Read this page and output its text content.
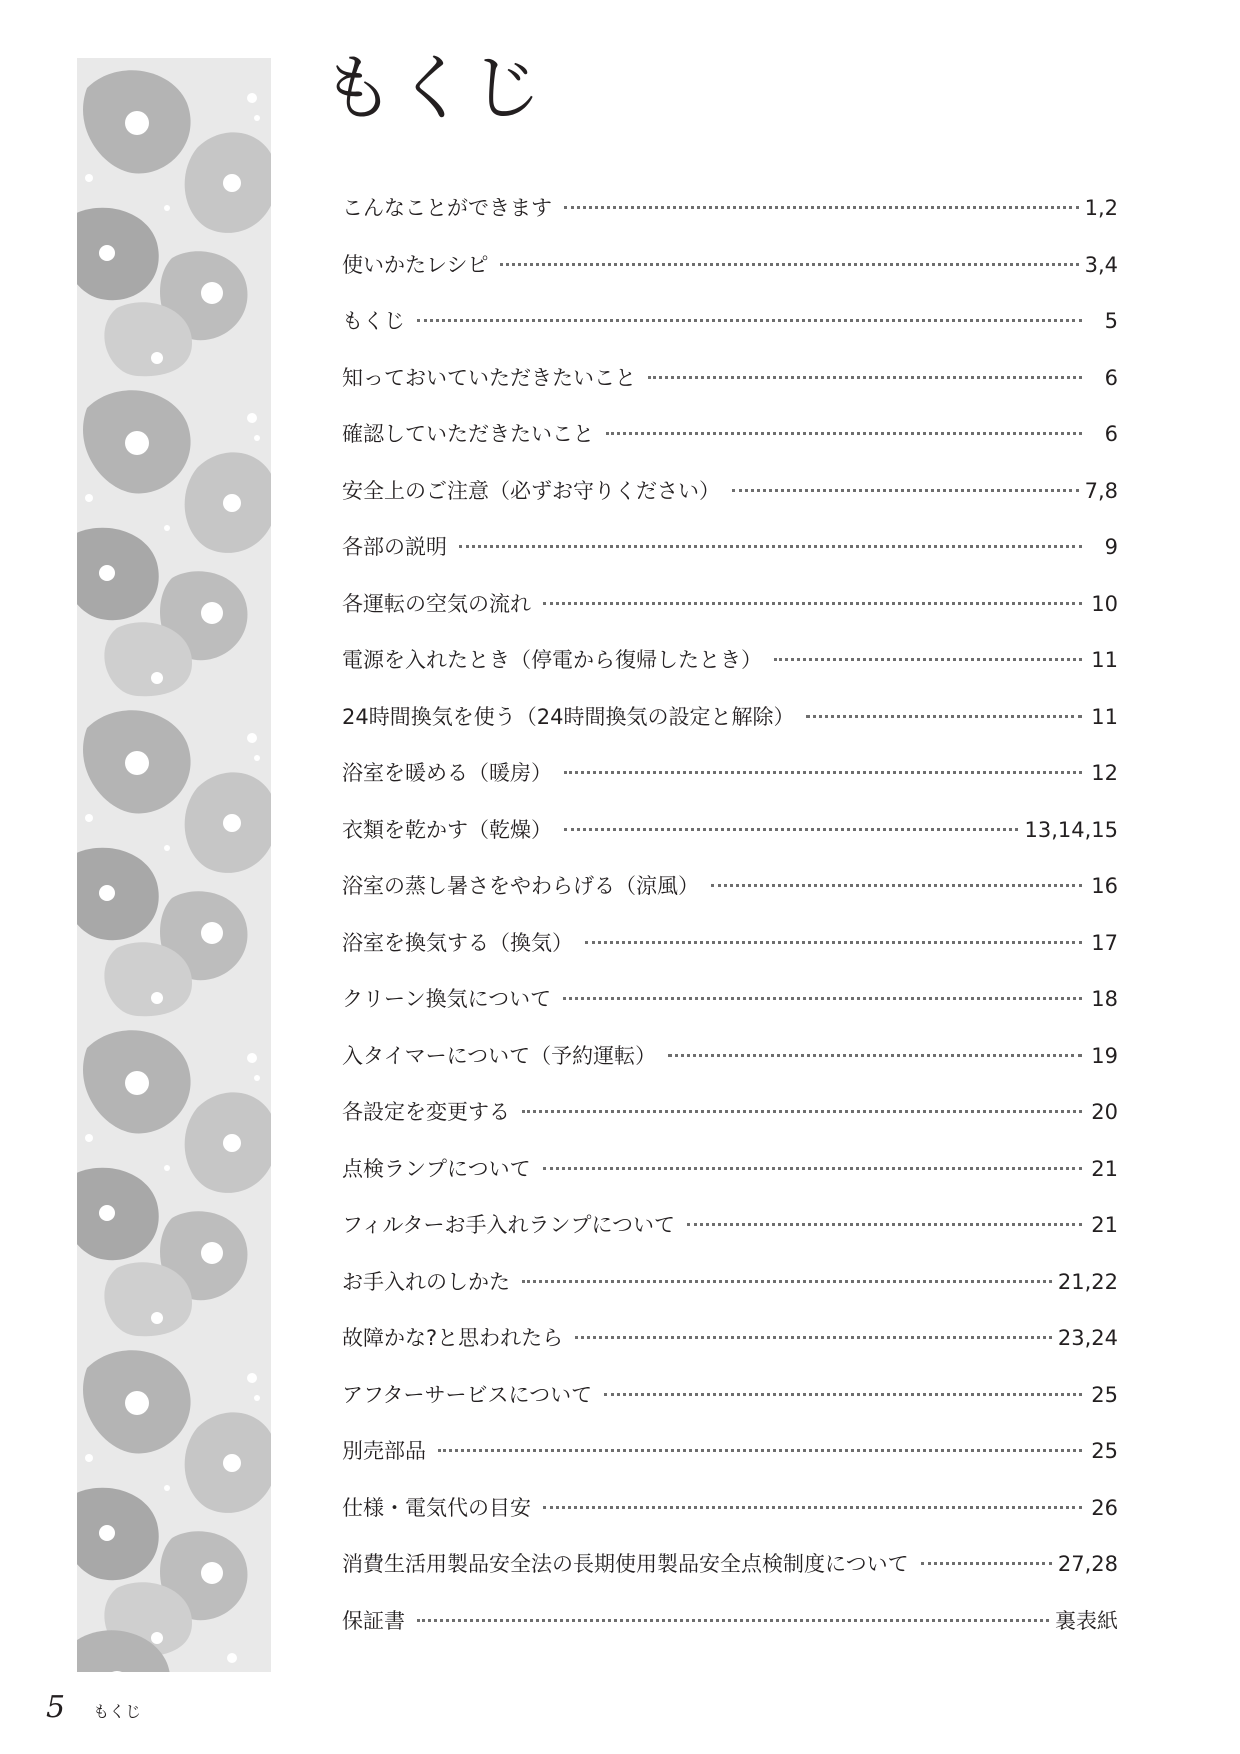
もくじ
こんなことができます	1,2
使いかたレシピ	3,4
もくじ	5
知っておいていただきたいこと	6
確認していただきたいこと	6
安全上のご注意（必ずお守りください）	7,8
各部の説明	9
各運転の空気の流れ	10
電源を入れたとき（停電から復帰したとき）	11
24時間換気を使う（24時間換気の設定と解除）	11
浴室を暖める（暖房）	12
衣類を乾かす（乾燥）	13,14,15
浴室の蒸し暑さをやわらげる（涼風）	16
浴室を換気する（換気）	17
クリーン換気について	18
入タイマーについて（予約運転）	19
各設定を変更する	20
点検ランプについて	21
フィルターお手入れランプについて	21
お手入れのしかた	21,22
故障かな?と思われたら	23,24
アフターサービスについて	25
別売部品	25
仕様・電気代の目安	26
消費生活用製品安全法の長期使用製品安全点検制度について	27,28
保証書	裏表紙
5 もくじ
